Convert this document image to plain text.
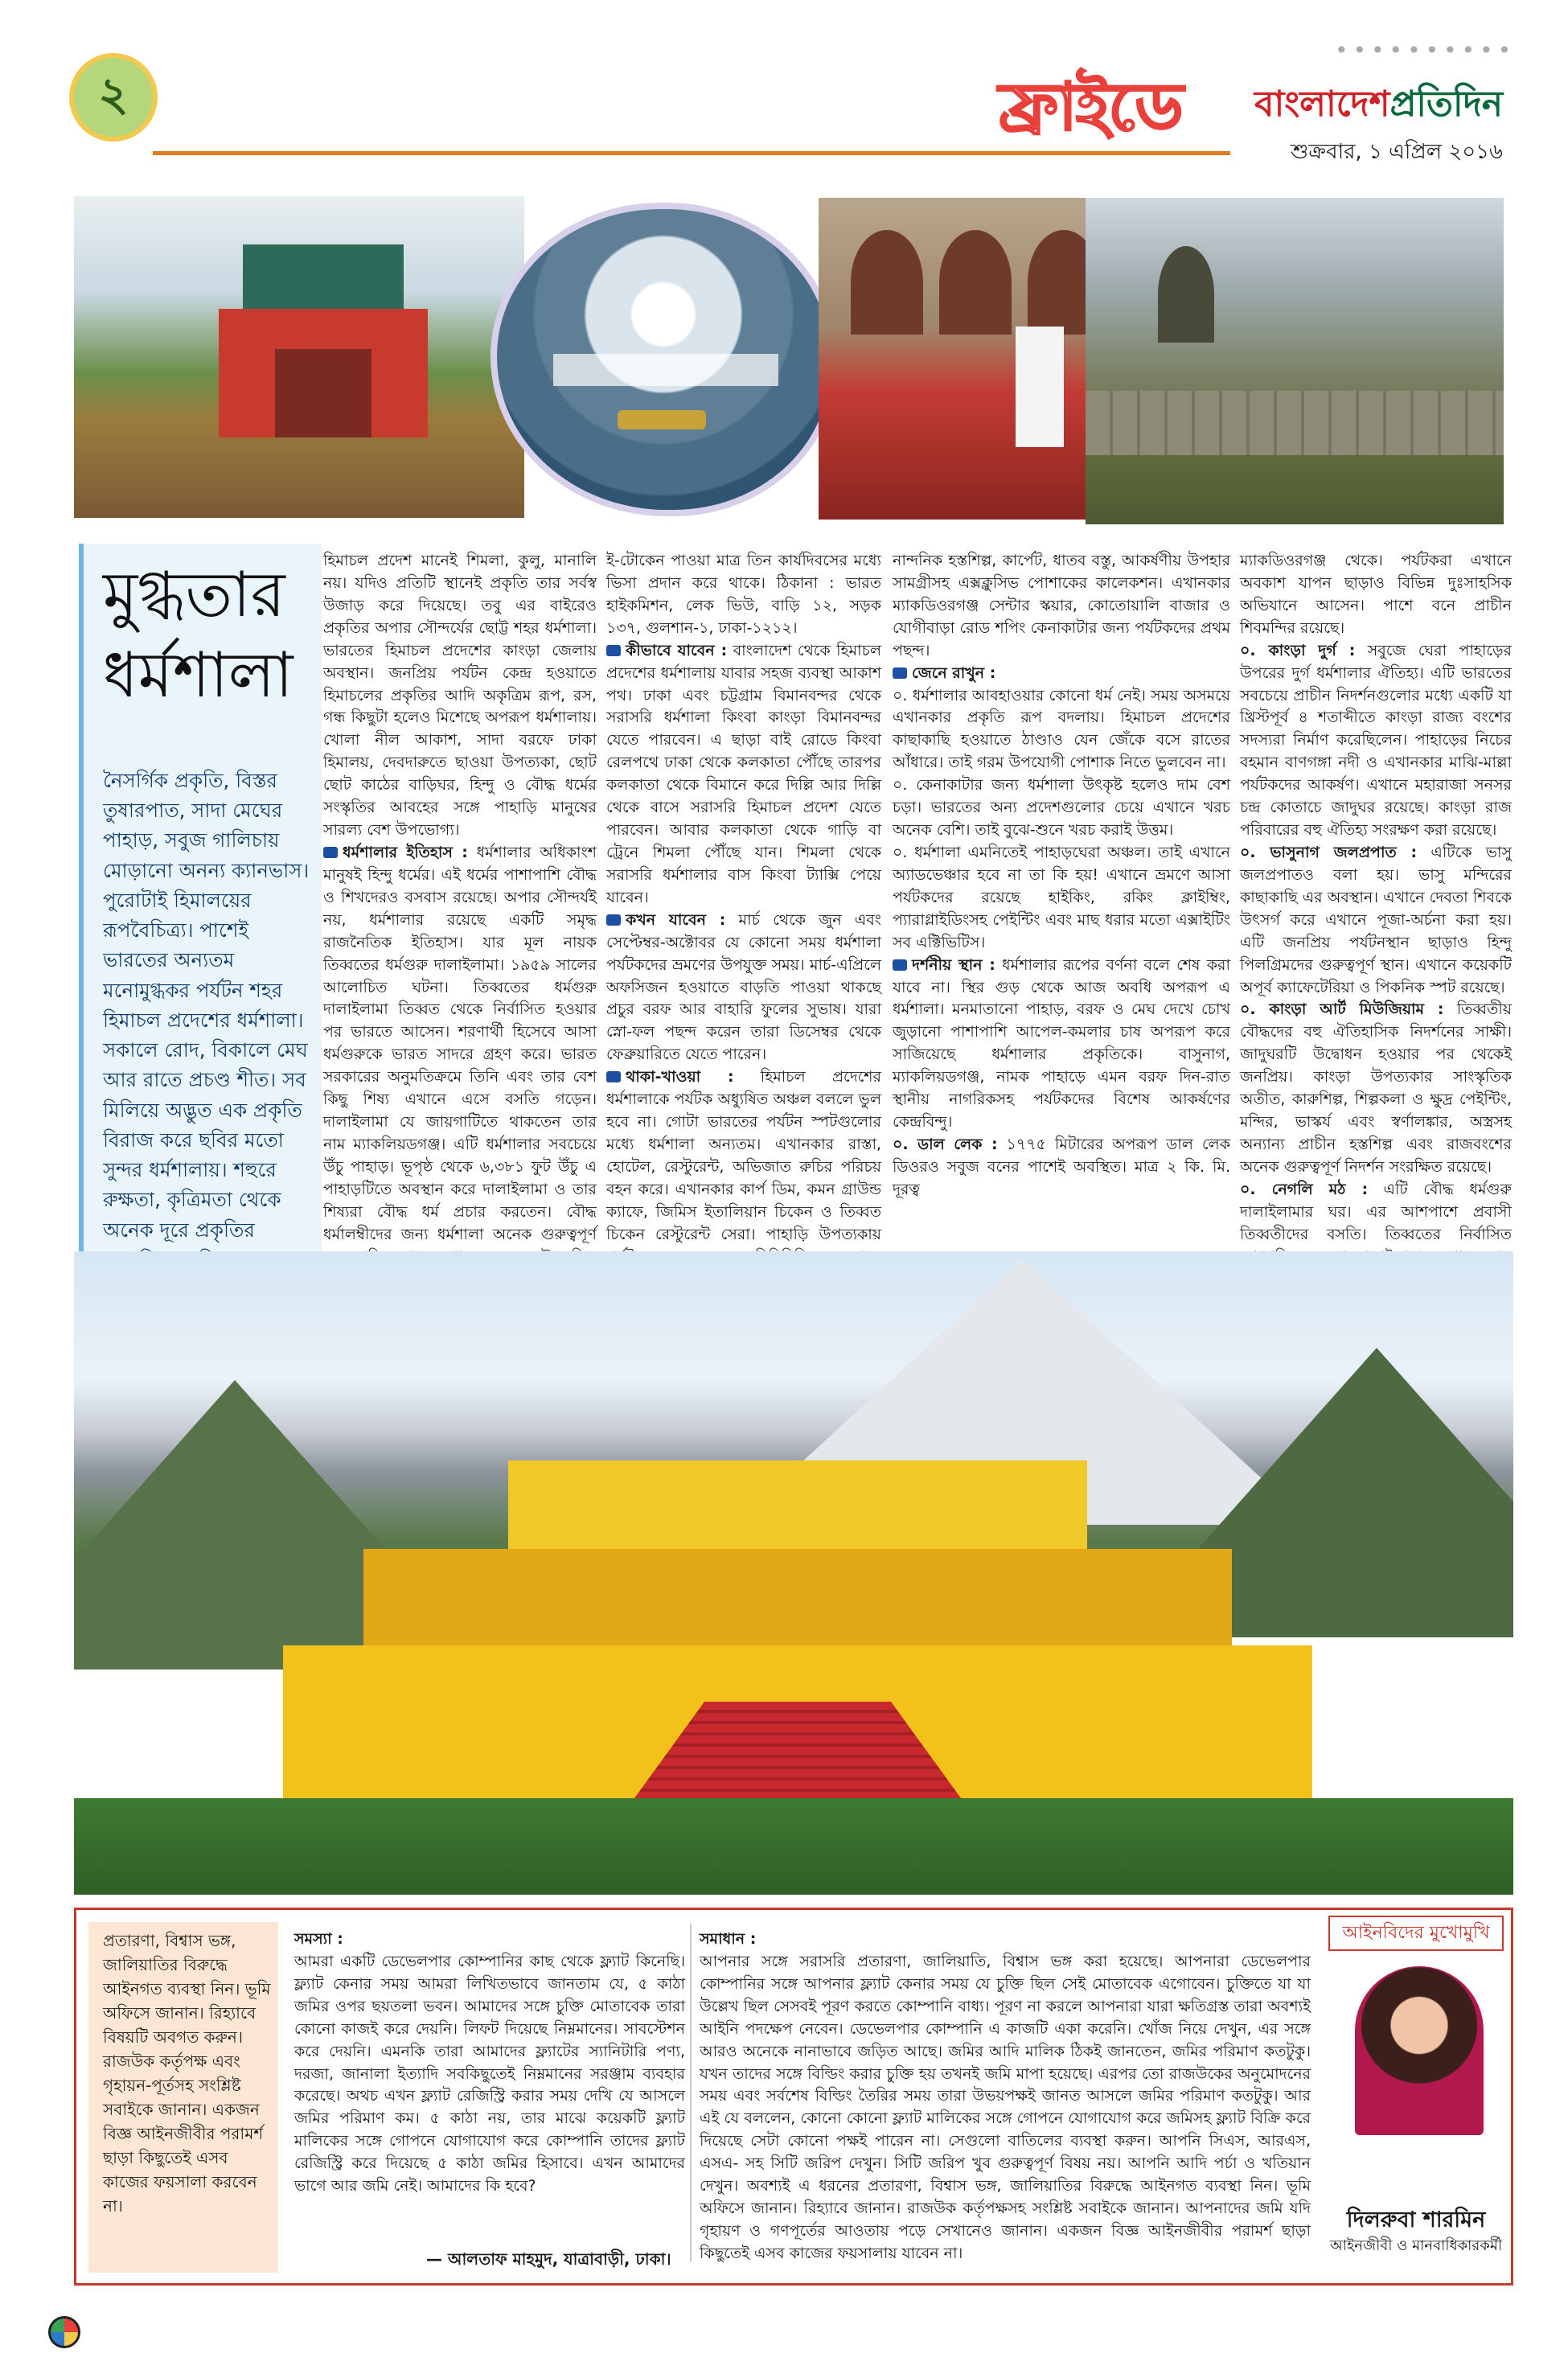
২
••••••••••
ফ্রাইডে বাংলাদেশপ্রতিদিন
শুক্রবার, ১ এপ্রিল ২০১৬
মুগ্ধতার
ধর্মশালা
নৈসর্গিক প্রকৃতি, বিস্তর তুষারপাত, সাদা মেঘের পাহাড়, সবুজ গালিচায় মোড়ানো অনন্য ক্যানভাস। পুরোটাই হিমালয়ের রূপবৈচিত্র্য। পাশেই ভারতের অন্যতম মনোমুগ্ধকর পর্যটন শহর হিমাচল প্রদেশের ধর্মশালা। সকালে রোদ, বিকালে মেঘ আর রাতে প্রচণ্ড শীত। সব মিলিয়ে অদ্ভুত এক প্রকৃতি বিরাজ করে ছবির মতো সুন্দর ধর্মশালায়। শহুরে রুক্ষতা, কৃত্রিমতা থেকে অনেক দূরে প্রকৃতির
হিমাচল প্রদেশ মানেই শিমলা, কুলু, মানালি নয়। যদিও প্রতিটি স্থানেই প্রকৃতি তার সর্বস্ব উজাড় করে দিয়েছে। তবু এর বাইরেও প্রকৃতির অপার সৌন্দর্যের ছোট্ট শহর ধর্মশালা। ভারতের হিমাচল প্রদেশের কাংড়া জেলায় অবস্থান। জনপ্রিয় পর্যটন কেন্দ্র হওয়াতে হিমাচলের প্রকৃতির আদি অকৃত্রিম রূপ, রস, গন্ধ কিছুটা হলেও মিশেছে অপরূপ ধর্মশালায়। খোলা নীল আকাশ, সাদা বরফে ঢাকা হিমালয়, দেবদারুতে ছাওয়া উপত্যকা, ছোট ছোট কাঠের বাড়িঘর, হিন্দু ও বৌদ্ধ ধর্মের সংস্কৃতির আবহের সঙ্গে পাহাড়ি মানুষের সারল্য বেশ উপভোগ্য।
ধর্মশালার ইতিহাস : ধর্মশালার অধিকাংশ মানুষই হিন্দু ধর্মের। এই ধর্মের পাশাপাশি বৌদ্ধ ও শিখদেরও বসবাস রয়েছে। অপার সৌন্দর্যই নয়, ধর্মশালার রয়েছে একটি সমৃদ্ধ রাজনৈতিক ইতিহাস। যার মূল নায়ক তিব্বতের ধর্মগুরু দালাইলামা। ১৯৫৯ সালের আলোচিত ঘটনা। তিব্বতের ধর্মগুরু দালাইলামা তিব্বত থেকে নির্বাসিত হওয়ার পর ভারতে আসেন। শরণার্থী হিসেবে আসা ধর্মগুরুকে ভারত সাদরে গ্রহণ করে। ভারত সরকারের অনুমতিক্রমে তিনি এবং তার বেশ কিছু শিষ্য এখানে এসে বসতি গড়েন। দালাইলামা যে জায়গাটিতে থাকতেন তার নাম ম্যাকলিয়ডগঞ্জ। এটি ধর্মশালার সবচেয়ে উঁচু পাহাড়। ভূপৃষ্ঠ থেকে ৬,৩৮১ ফুট উঁচু এ পাহাড়টিতে অবস্থান করে দালাইলামা ও তার শিষ্যরা বৌদ্ধ ধর্ম প্রচার করতেন। বৌদ্ধ ধর্মালম্বীদের জন্য ধর্মশালা অনেক গুরুত্বপূর্ণ

ই-টোকেন পাওয়া মাত্র তিন কার্যদিবসের মধ্যে ভিসা প্রদান করে থাকে। ঠিকানা : ভারত হাইকমিশন, লেক ভিউ, বাড়ি ১২, সড়ক ১৩৭, গুলশান-১, ঢাকা-১২১২।
কীভাবে যাবেন : বাংলাদেশ থেকে হিমাচল প্রদেশের ধর্মশালায় যাবার সহজ ব্যবস্থা আকাশ পথ। ঢাকা এবং চট্টগ্রাম বিমানবন্দর থেকে সরাসরি ধর্মশালা কিংবা কাংড়া বিমানবন্দর যেতে পারবেন। এ ছাড়া বাই রোডে কিংবা রেলপথে ঢাকা থেকে কলকাতা পৌঁছে তারপর কলকাতা থেকে বিমানে করে দিল্লি আর দিল্লি থেকে বাসে সরাসরি হিমাচল প্রদেশ যেতে পারবেন। আবার কলকাতা থেকে গাড়ি বা ট্রেনে শিমলা পৌঁছে যান। শিমলা থেকে সরাসরি ধর্মশালার বাস কিংবা ট্যাক্সি পেয়ে যাবেন।
কখন যাবেন : মার্চ থেকে জুন এবং সেপ্টেম্বর-অক্টোবর যে কোনো সময় ধর্মশালা পর্যটকদের ভ্রমণের উপযুক্ত সময়। মার্চ-এপ্রিলে অফসিজন হওয়াতে বাড়তি পাওয়া থাকছে প্রচুর বরফ আর বাহারি ফুলের সুভাষ। যারা স্নো-ফল পছন্দ করেন তারা ডিসেম্বর থেকে ফেব্রুয়ারিতে যেতে পারেন।
থাকা-খাওয়া : হিমাচল প্রদেশের ধর্মশালাকে পর্যটক অধ্যুষিত অঞ্চল বললে ভুল হবে না। গোটা ভারতের পর্যটন স্পটগুলোর মধ্যে ধর্মশালা অন্যতম। এখানকার রাস্তা, হোটেল, রেস্টুরেন্ট, অভিজাত রুচির পরিচয় বহন করে। এখানকার কার্প ডিম, কমন গ্রাউন্ড ক্যাফে, জিমিস ইতালিয়ান চিকেন ও তিব্বত চিকেন রেস্টুরেন্ট সেরা। পাহাড়ি উপত্যকায়

নান্দনিক হস্তশিল্প, কার্পেট, ধাতব বস্তু, আকর্ষণীয় উপহার সামগ্রীসহ এক্সক্লুসিভ পোশাকের কালেকশন। এখানকার ম্যাকডিওরগঞ্জ সেন্টার স্কয়ার, কোতোয়ালি বাজার ও যোগীবাড়া রোড শপিং কেনাকাটার জন্য পর্যটকদের প্রথম পছন্দ।
জেনে রাখুন :
০. ধর্মশালার আবহাওয়ার কোনো ধর্ম নেই। সময় অসময়ে এখানকার প্রকৃতি রূপ বদলায়। হিমাচল প্রদেশের কাছাকাছি হওয়াতে ঠাণ্ডাও যেন জেঁকে বসে রাতের আঁধারে। তাই গরম উপযোগী পোশাক নিতে ভুলবেন না।
০. কেনাকাটার জন্য ধর্মশালা উৎকৃষ্ট হলেও দাম বেশ চড়া। ভারতের অন্য প্রদেশগুলোর চেয়ে এখানে খরচ অনেক বেশি। তাই বুঝে-শুনে খরচ করাই উত্তম।
০. ধর্মশালা এমনিতেই পাহাড়ঘেরা অঞ্চল। তাই এখানে অ্যাডভেঞ্চার হবে না তা কি হয়! এখানে ভ্রমণে আসা পর্যটকদের রয়েছে হাইকিং, রকিং ক্লাইম্বিং, প্যারাগ্লাইডিংসহ পেইন্টিং এবং মাছ ধরার মতো এক্সাইটিং সব এক্টিভিটিস।
দর্শনীয় স্থান : ধর্মশালার রূপের বর্ণনা বলে শেষ করা যাবে না। স্থির গুড় থেকে আজ অবধি অপরূপ এ ধর্মশালা। মনমাতানো পাহাড়, বরফ ও মেঘ দেখে চোখ জুড়ানো পাশাপাশি আপেল-কমলার চাষ অপরূপ করে সাজিয়েছে ধর্মশালার প্রকৃতিকে। বাসুনাগ, ম্যাকলিয়ডগঞ্জ, নামক পাহাড়ে এমন বরফ দিন-রাত স্থানীয় নাগরিকসহ পর্যটকদের বিশেষ আকর্ষণের কেন্দ্রবিন্দু।
০. ডাল লেক : ১৭৭৫ মিটারের অপরূপ ডাল লেক ডিওরও সবুজ বনের পাশেই অবস্থিত। মাত্র ২ কি. মি. দূরত্ব
ম্যাকডিওরগঞ্জ থেকে। পর্যটকরা এখানে অবকাশ যাপন ছাড়াও বিভিন্ন দুঃসাহসিক অভিযানে আসেন। পাশে বনে প্রাচীন শিবমন্দির রয়েছে।
০. কাংড়া দুর্গ : সবুজে ঘেরা পাহাড়ের উপরের দুর্গ ধর্মশালার ঐতিহ্য। এটি ভারতের সবচেয়ে প্রাচীন নিদর্শনগুলোর মধ্যে একটি যা খ্রিস্টপূর্ব ৪ শতাব্দীতে কাংড়া রাজ্য বংশের সদস্যরা নির্মাণ করেছিলেন। পাহাড়ের নিচের বহমান বাণগঙ্গা নদী ও এখানকার মাঝি-মাল্লা পর্যটকদের আকর্ষণ। এখানে মহারাজা সনসর চন্দ্র কোতাচে জাদুঘর রয়েছে। কাংড়া রাজ পরিবারের বহু ঐতিহ্য সংরক্ষণ করা রয়েছে।
০. ভাসুনাগ জলপ্রপাত : এটিকে ভাসু জলপ্রপাতও বলা হয়। ভাসু মন্দিরের কাছাকাছি এর অবস্থান। এখানে দেবতা শিবকে উৎসর্গ করে এখানে পূজা-অর্চনা করা হয়। এটি জনপ্রিয় পর্যটনস্থান ছাড়াও হিন্দু পিলগ্রিমদের গুরুত্বপূর্ণ স্থান। এখানে কয়েকটি অপূর্ব ক্যাফেটেরিয়া ও পিকনিক স্পট রয়েছে।
০. কাংড়া আর্ট মিউজিয়াম : তিব্বতীয় বৌদ্ধদের বহু ঐতিহাসিক নিদর্শনের সাক্ষী। জাদুঘরটি উদ্বোধন হওয়ার পর থেকেই জনপ্রিয়। কাংড়া উপত্যকার সাংস্কৃতিক অতীত, কারুশিল্প, শিল্পকলা ও ক্ষুদ্র পেইন্টিং, মন্দির, ভাস্কর্য এবং স্বর্ণালঙ্কার, অস্ত্রসহ অন্যান্য প্রাচীন হস্তশিল্প এবং রাজবংশের অনেক গুরুত্বপূর্ণ নিদর্শন সংরক্ষিত রয়েছে।
০. নেগলি মঠ : এটি বৌদ্ধ ধর্মগুরু দালাইলামার ঘর। এর আশপাশে প্রবাসী তিব্বতীদের বসতি। তিব্বতের নির্বাসিত
প্রতারণা, বিশ্বাস ভঙ্গ, জালিয়াতির বিরুদ্ধে আইনগত ব্যবস্থা নিন। ভূমি অফিসে জানান। রিহ্যাবে বিষয়টি অবগত করুন। রাজউক কর্তৃপক্ষ এবং গৃহায়ন-পূর্তসহ সংশ্লিষ্ট সবাইকে জানান। একজন বিজ্ঞ আইনজীবীর পরামর্শ ছাড়া কিছুতেই এসব কাজের ফয়সালা করবেন না।
সমস্যা :
আমরা একটি ডেভেলপার কোম্পানির কাছ থেকে ফ্ল্যাট কিনেছি। ফ্ল্যাট কেনার সময় আমরা লিখিতভাবে জানতাম যে, ৫ কাঠা জমির ওপর ছয়তলা ভবন। আমাদের সঙ্গে চুক্তি মোতাবেক তারা কোনো কাজই করে দেয়নি। লিফট দিয়েছে নিম্নমানের। সাবস্টেশন করে দেয়নি। এমনকি তারা আমাদের ফ্ল্যাটের স্যানিটারি পণ্য, দরজা, জানালা ইত্যাদি সবকিছুতেই নিম্নমানের সরঞ্জাম ব্যবহার করেছে। অথচ এখন ফ্ল্যাট রেজিস্ট্রি করার সময় দেখি যে আসলে জমির পরিমাণ কম। ৫ কাঠা নয়, তার মাঝে কয়েকটি ফ্ল্যাট মালিকের সঙ্গে গোপনে যোগাযোগ করে কোম্পানি তাদের ফ্ল্যাট রেজিস্ট্রি করে দিয়েছে ৫ কাঠা জমির হিসাবে। এখন আমাদের ভাগে আর জমি নেই। আমাদের কি হবে?
— আলতাফ মাহমুদ, যাত্রাবাড়ী, ঢাকা।
সমাধান :
আপনার সঙ্গে সরাসরি প্রতারণা, জালিয়াতি, বিশ্বাস ভঙ্গ করা হয়েছে। আপনারা ডেভেলপার কোম্পানির সঙ্গে আপনার ফ্ল্যাট কেনার সময় যে চুক্তি ছিল সেই মোতাবেক এগোবেন। চুক্তিতে যা যা উল্লেখ ছিল সেসবই পূরণ করতে কোম্পানি বাধ্য। পূরণ না করলে আপনারা যারা ক্ষতিগ্রস্ত তারা অবশ্যই আইনি পদক্ষেপ নেবেন। ডেভেলপার কোম্পানি এ কাজটি একা করেনি। খোঁজ নিয়ে দেখুন, এর সঙ্গে আরও অনেকে নানাভাবে জড়িত আছে। জমির আদি মালিক ঠিকই জানতেন, জমির পরিমাণ কতটুকু। যখন তাদের সঙ্গে বিল্ডিং করার চুক্তি হয় তখনই জমি মাপা হয়েছে। এরপর তো রাজউকের অনুমোদনের সময় এবং সর্বশেষ বিল্ডিং তৈরির সময় তারা উভয়পক্ষই জানত আসলে জমির পরিমাণ কতটুকু। আর এই যে বললেন, কোনো কোনো ফ্ল্যাট মালিকের সঙ্গে গোপনে যোগাযোগ করে জমিসহ ফ্ল্যাট বিক্রি করে দিয়েছে সেটা কোনো পক্ষই পারেন না। সেগুলো বাতিলের ব্যবস্থা করুন। আপনি সিএস, আরএস, এসএ- সহ সিটি জরিপ দেখুন। সিটি জরিপ খুব গুরুত্বপূর্ণ বিষয় নয়। আপনি আদি পর্চা ও খতিয়ান দেখুন। অবশ্যই এ ধরনের প্রতারণা, বিশ্বাস ভঙ্গ, জালিয়াতির বিরুদ্ধে আইনগত ব্যবস্থা নিন। ভূমি অফিসে জানান। রিহ্যাবে জানান। রাজউক কর্তৃপক্ষসহ সংশ্লিষ্ট সবাইকে জানান। আপনাদের জমি যদি গৃহায়ণ ও গণপূর্তের আওতায় পড়ে সেখানেও জানান। একজন বিজ্ঞ আইনজীবীর পরামর্শ ছাড়া কিছুতেই এসব কাজের ফয়সালায় যাবেন না।
আইনবিদের মুখোমুখি
দিলরুবা শারমিন
আইনজীবী ও মানবাধিকারকর্মী
